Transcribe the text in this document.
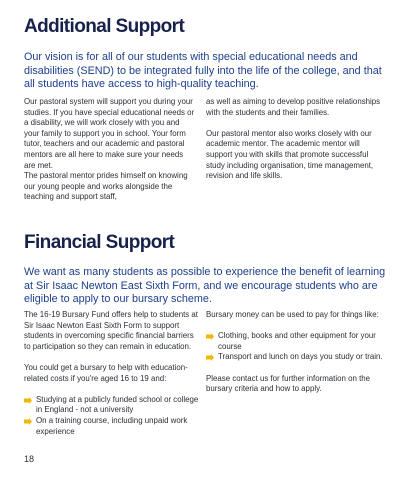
Additional Support

Our vision is for all of our students with special educational needs and disabilities (SEND) to be integrated fully into the life of the college, and that all students have access to high-quality teaching.

Our pastoral system will support you during your studies. If you have special educational needs or a disability, we will work closely with you and your family to support you in school. Your form tutor, teachers and our academic and pastoral mentors are all here to make sure your needs are met.

The pastoral mentor prides himself on knowing our young people and works alongside the teaching and support staff,

as well as aiming to develop positive relationships with the students and their families.

Our pastoral mentor also works closely with our academic mentor. The academic mentor will support you with skills that promote successful study including organisation, time management, revision and life skills.

Financial Support

We want as many students as possible to experience the benefit of learning at Sir Isaac Newton East Sixth Form, and we encourage students who are eligible to apply to our bursary scheme.

The 16-19 Bursary Fund offers help to students at Sir Isaac Newton East Sixth Form to support students in overcoming specific financial barriers to participation so they can remain in education.

You could get a bursary to help with education-related costs if you're aged 16 to 19 and:

Studying at a publicly funded school or college in England - not a university
On a training course, including unpaid work experience

Bursary money can be used to pay for things like:

Clothing, books and other equipment for your course
Transport and lunch on days you study or train.

Please contact us for further information on the bursary criteria and how to apply.

18
